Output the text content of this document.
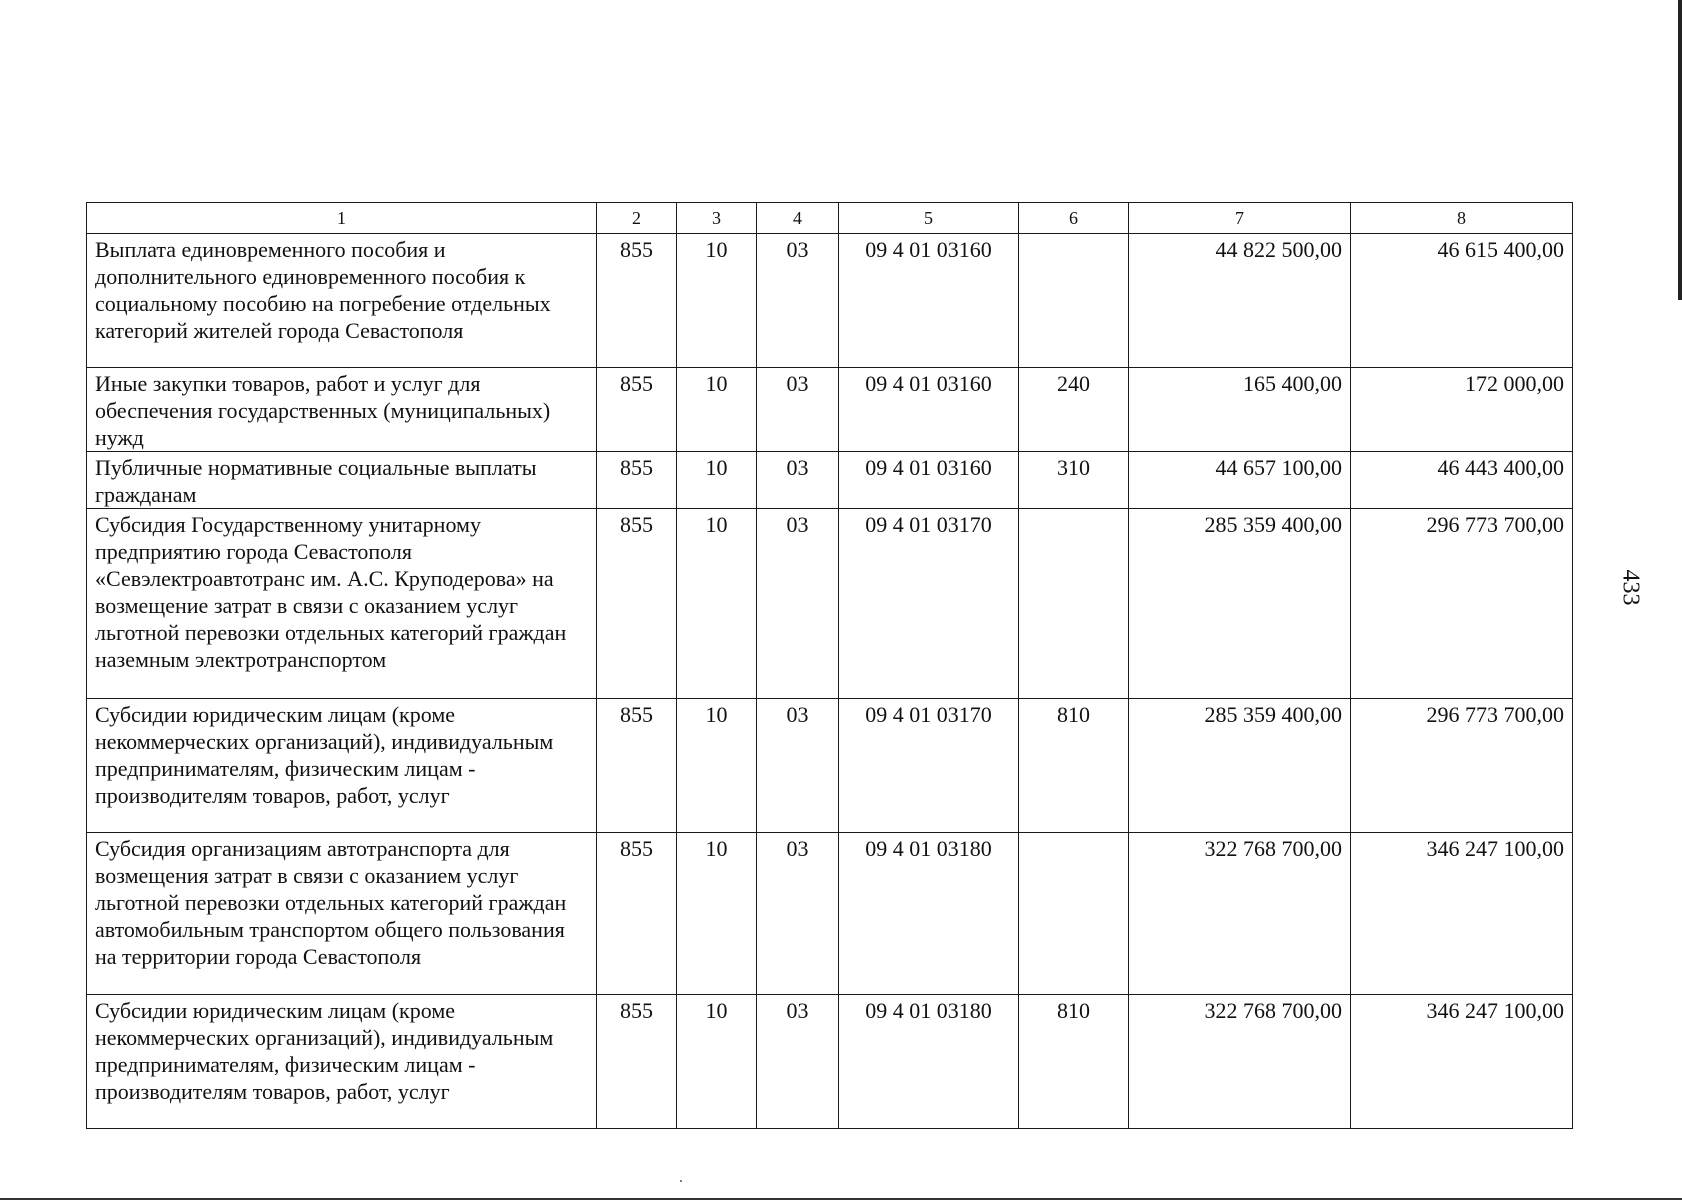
433
1	2	3	4	5	6	7	8
Выплата единовременного пособия и дополнительного единовременного пособия к социальному пособию на погребение отдельных категорий жителей города Севастополя	855	10	03	09 4 01 03160		44 822 500,00	46 615 400,00
Иные закупки товаров, работ и услуг для обеспечения государственных (муниципальных) нужд	855	10	03	09 4 01 03160	240	165 400,00	172 000,00
Публичные нормативные социальные выплаты гражданам	855	10	03	09 4 01 03160	310	44 657 100,00	46 443 400,00
Субсидия Государственному унитарному предприятию города Севастополя «Севэлектроавтотранс им. А.С. Круподерова» на возмещение затрат в связи с оказанием услуг льготной перевозки отдельных категорий граждан наземным электротранспортом	855	10	03	09 4 01 03170		285 359 400,00	296 773 700,00
Субсидии юридическим лицам (кроме некоммерческих организаций), индивидуальным предпринимателям, физическим лицам - производителям товаров, работ, услуг	855	10	03	09 4 01 03170	810	285 359 400,00	296 773 700,00
Субсидия организациям автотранспорта для возмещения затрат в связи с оказанием услуг льготной перевозки отдельных категорий граждан автомобильным транспортом общего пользования на территории города Севастополя	855	10	03	09 4 01 03180		322 768 700,00	346 247 100,00
Субсидии юридическим лицам (кроме некоммерческих организаций), индивидуальным предпринимателям, физическим лицам - производителям товаров, работ, услуг	855	10	03	09 4 01 03180	810	322 768 700,00	346 247 100,00
